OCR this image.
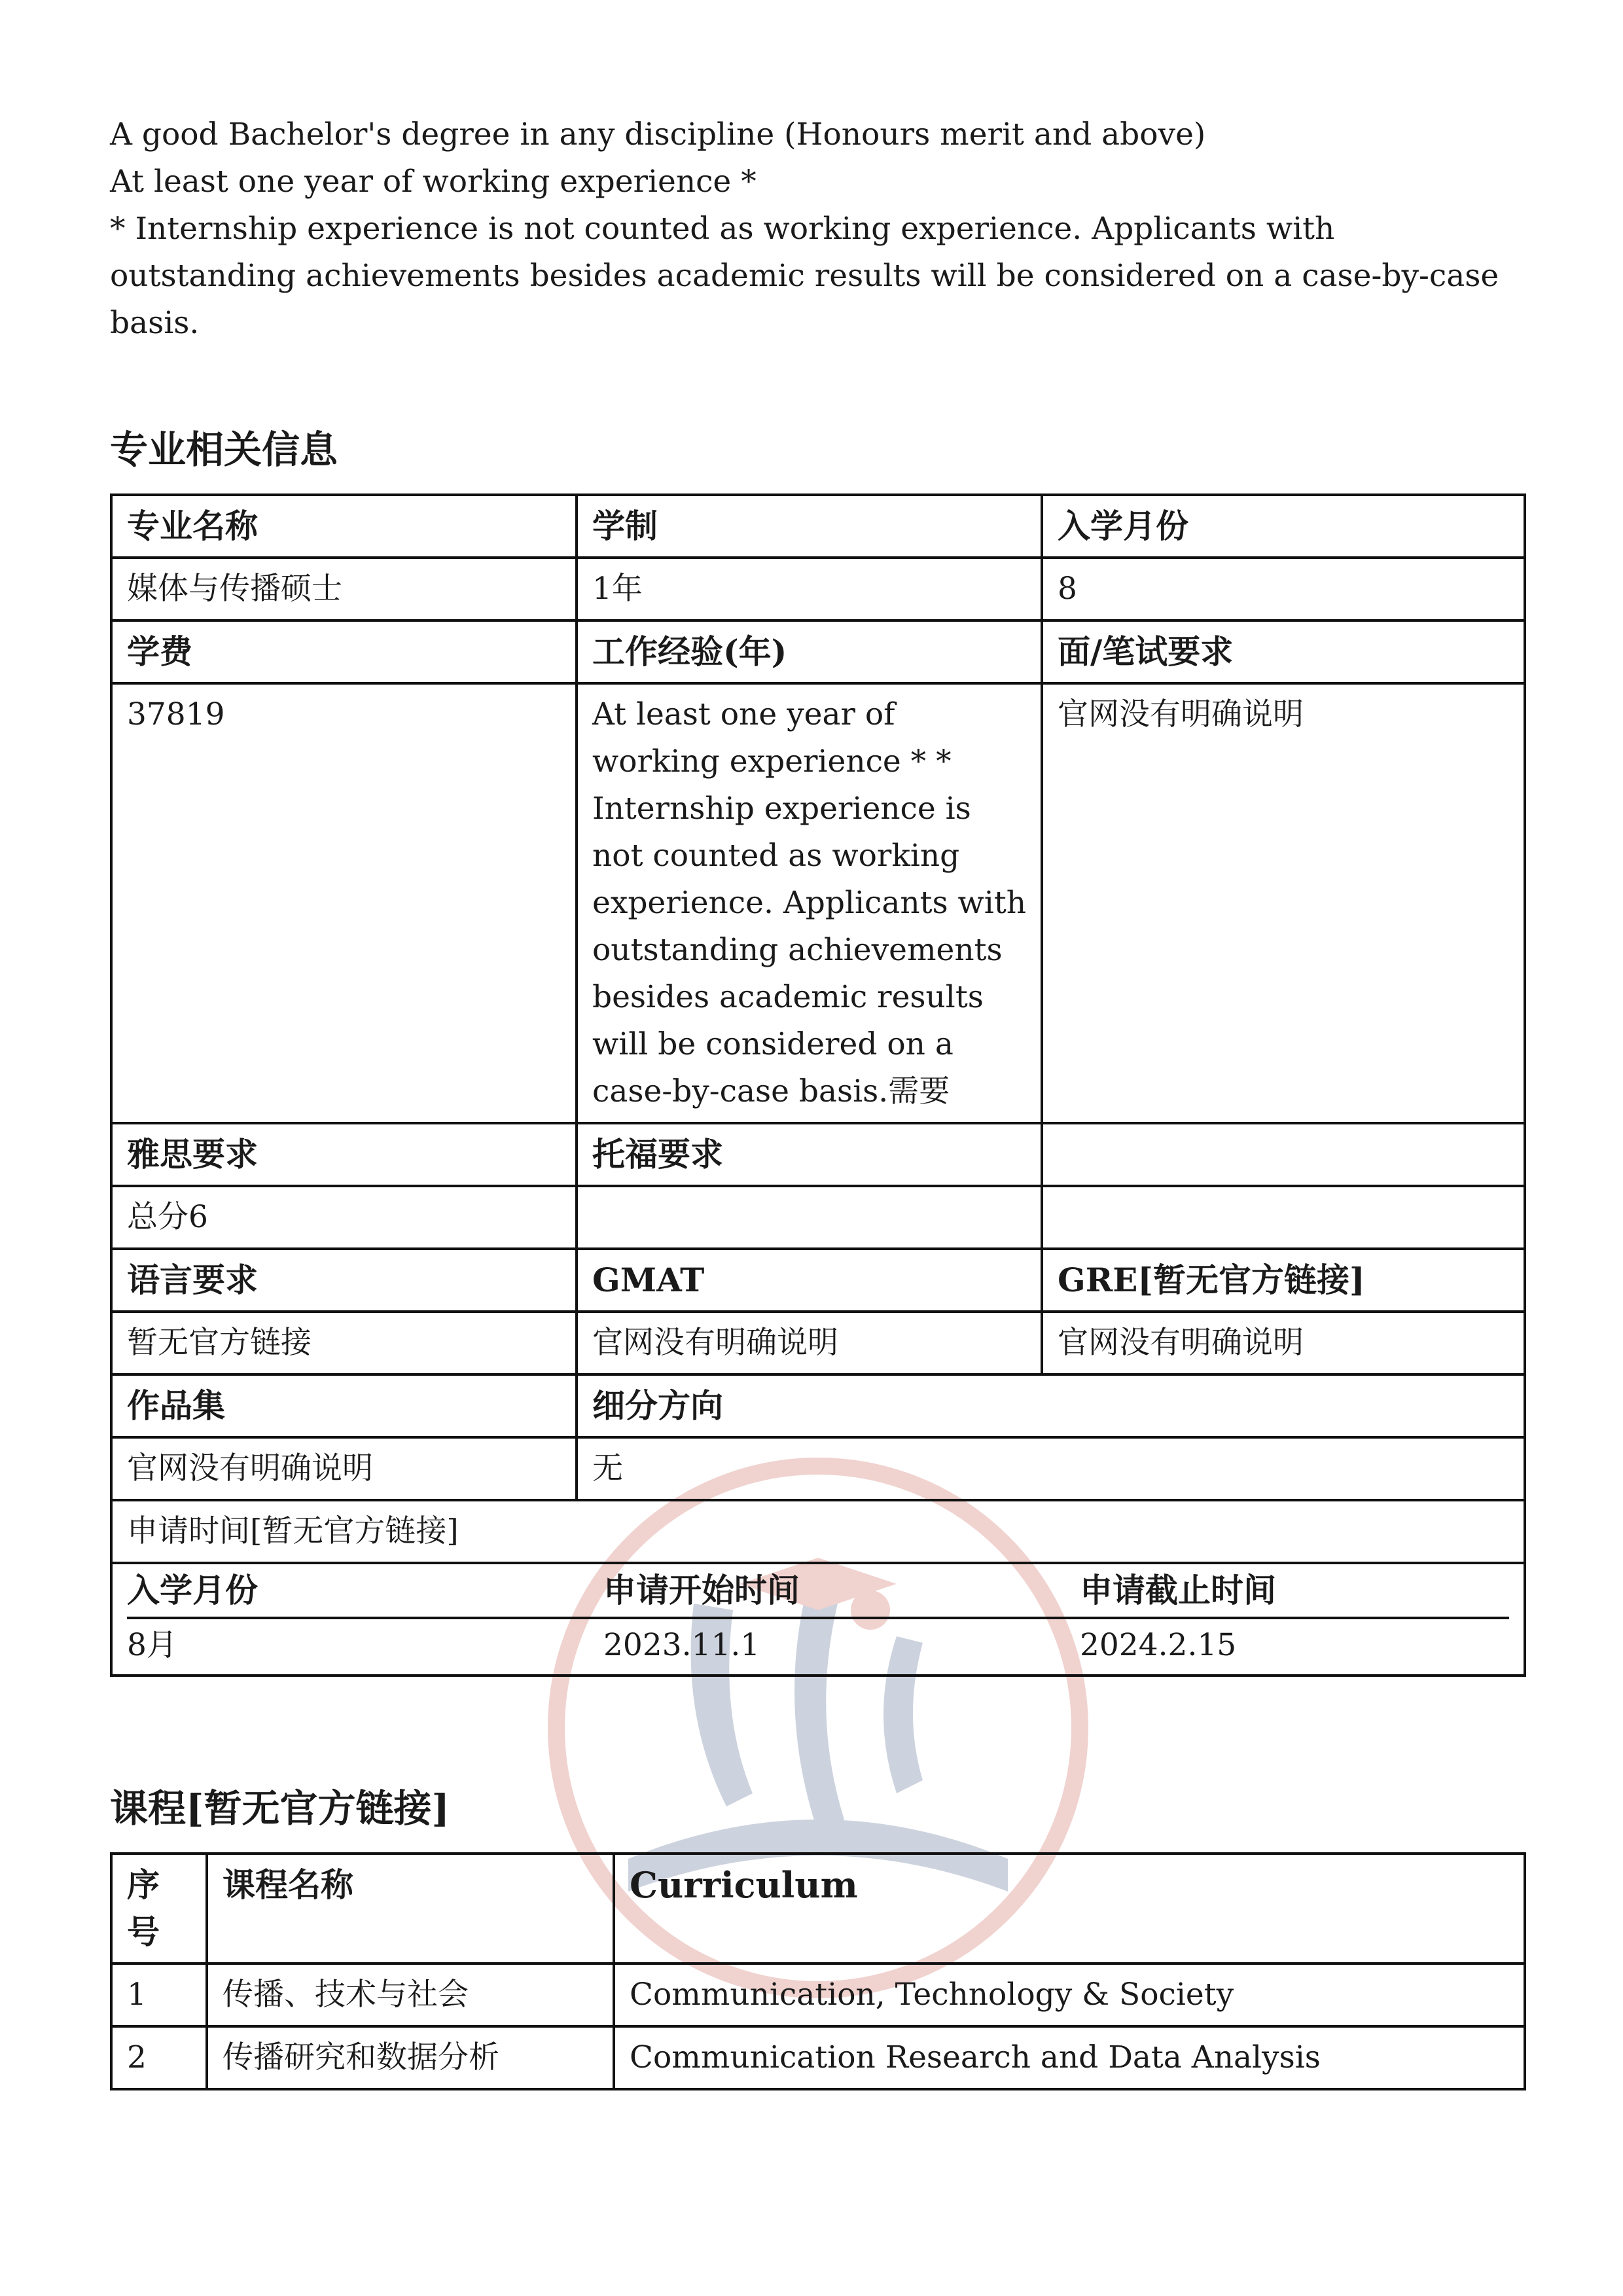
A good Bachelor's degree in any discipline (Honours merit and above)

At least one year of working experience *

* Internship experience is not counted as working experience. Applicants with outstanding achievements besides academic results will be considered on a case-by-case basis.

专业相关信息
专业名称	学制	入学月份
媒体与传播硕士	1年	8
学费	工作经验(年)	面/笔试要求
37819	At least one year of working experience * * Internship experience is not counted as working experience. Applicants with outstanding achievements besides academic results will be considered on a case-by-case basis.需要	官网没有明确说明
雅思要求	托福要求	
总分6		
语言要求	GMAT	GRE[暂无官方链接]
暂无官方链接	官网没有明确说明	官网没有明确说明
作品集	细分方向
官网没有明确说明	无
申请时间[暂无官方链接]

入学月份	申请开始时间	申请截止时间
8月	2023.11.1	2024.2.15
课程[暂无官方链接]
序号	课程名称	Curriculum
1	传播、技术与社会	Communication, Technology & Society
2	传播研究和数据分析	Communication Research and Data Analysis
